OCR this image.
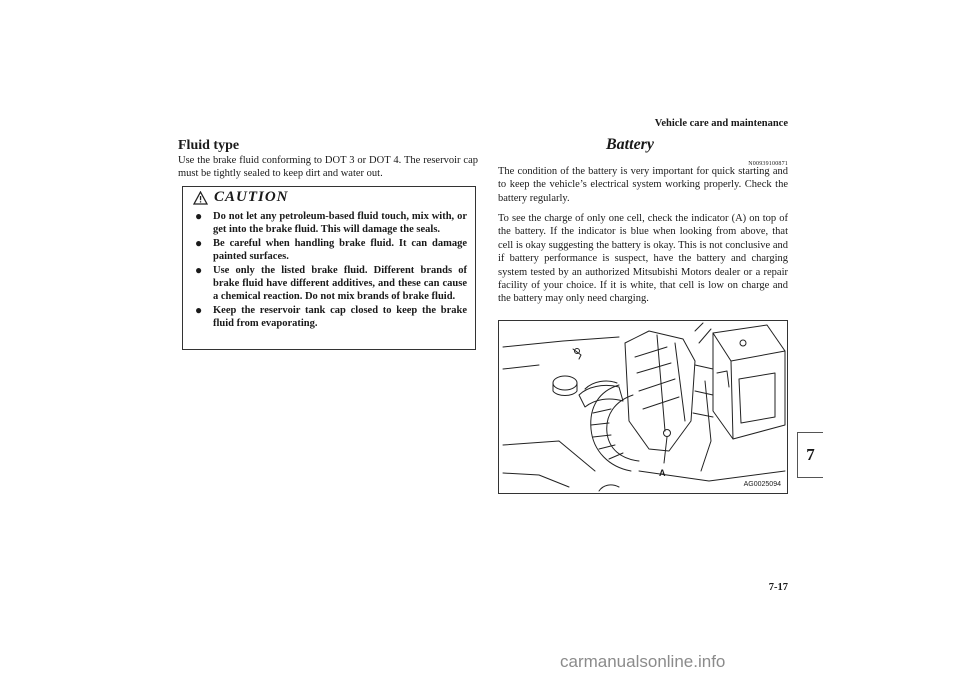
Vehicle care and maintenance
7-17
7
Fluid type
Use the brake fluid conforming to DOT 3 or DOT 4. The reservoir cap must be tightly sealed to keep dirt and water out.
CAUTION
● Do not let any petroleum-based fluid touch, mix with, or get into the brake fluid. This will damage the seals.
● Be careful when handling brake fluid. It can damage painted surfaces.
● Use only the listed brake fluid. Different brands of brake fluid have different additives, and these can cause a chemical reaction. Do not mix brands of brake fluid.
● Keep the reservoir tank cap closed to keep the brake fluid from evaporating.
Battery
N00939100871
The condition of the battery is very important for quick starting and to keep the vehicle’s electrical system working properly. Check the battery regularly.
To see the charge of only one cell, check the indicator (A) on top of the battery. If the indicator is blue when looking from above, that cell is okay suggesting the battery is okay. This is not conclusive and if battery performance is suspect, have the battery and charging system tested by an authorized Mitsubishi Motors dealer or a repair facility of your choice. If it is white, that cell is low on charge and the battery may only need charging.
A
AG0025094
carmanualsonline.info
